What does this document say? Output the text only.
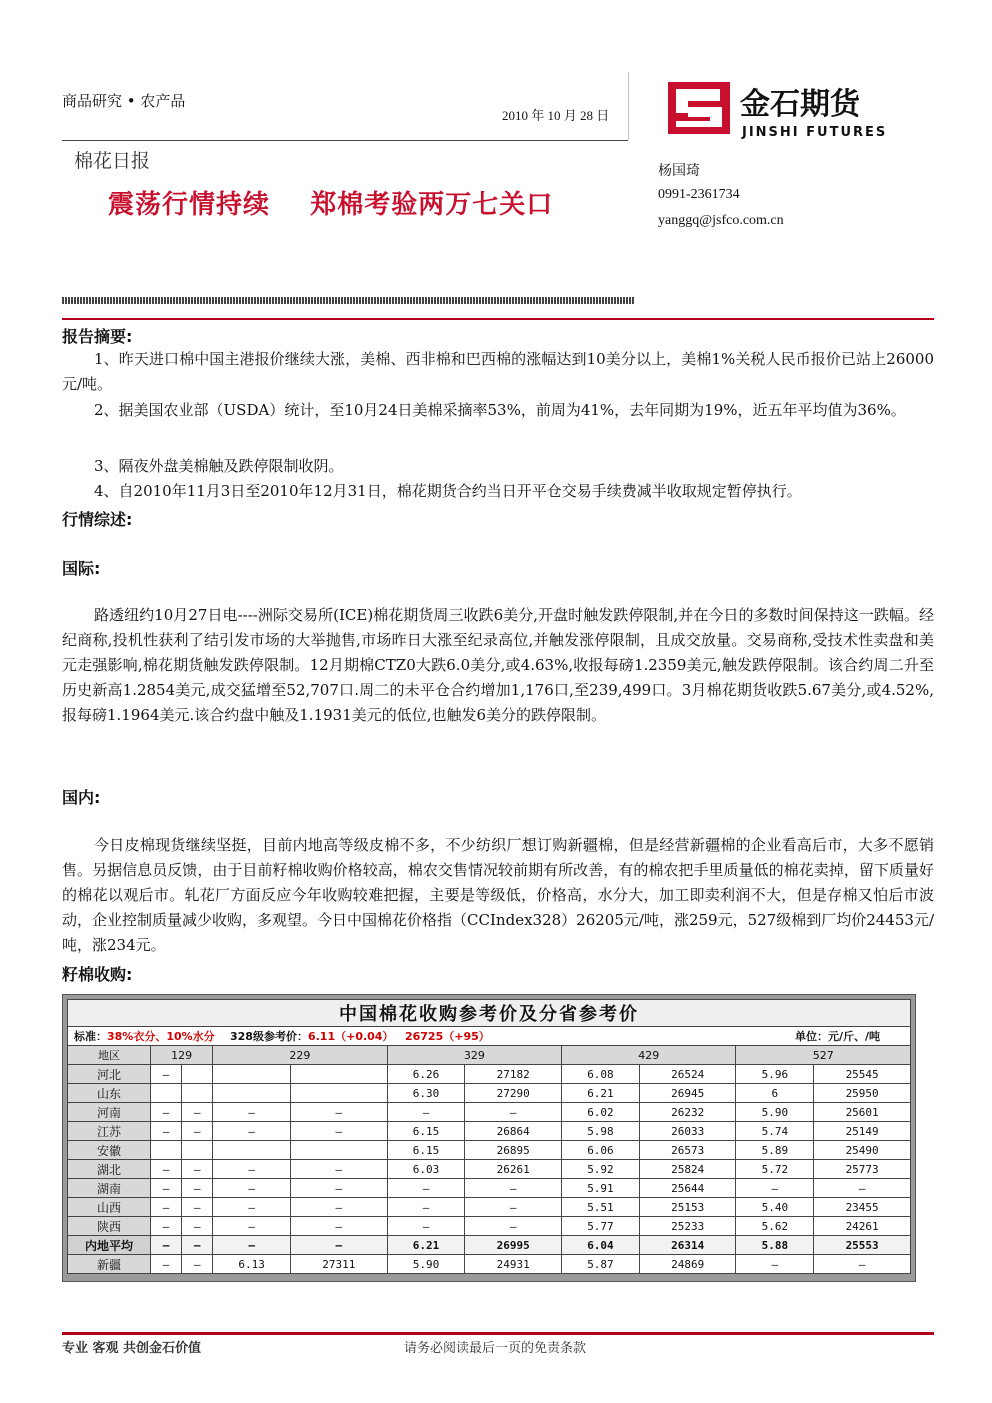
商品研究 • 农产品
2010 年 10 月 28 日	金石期货
JINSHI FUTURES
棉花日报
震荡行情持续    郑棉考验两万七关口
杨国琦
0991-2361734
yanggq@jsfco.com.cn
报告摘要:
1、昨天进口棉中国主港报价继续大涨，美棉、西非棉和巴西棉的涨幅达到10美分以上，美棉1%关税人民币报价已站上26000元/吨。
2、据美国农业部（USDA）统计，至10月24日美棉采摘率53%，前周为41%，去年同期为19%，近五年平均值为36%。
3、隔夜外盘美棉触及跌停限制收阴。
4、自2010年11月3日至2010年12月31日，棉花期货合约当日开平仓交易手续费减半收取规定暂停执行。
行情综述:
国际:
路透纽约10月27日电----洲际交易所(ICE)棉花期货周三收跌6美分,开盘时触发跌停限制,并在今日的多数时间保持这一跌幅。经纪商称,投机性获利了结引发市场的大举抛售,市场昨日大涨至纪录高位,并触发涨停限制，且成交放量。交易商称,受技术性卖盘和美元走强影响,棉花期货触发跌停限制。12月期棉CTZ0大跌6.0美分,或4.63%,收报每磅1.2359美元,触发跌停限制。该合约周二升至历史新高1.2854美元,成交猛增至52,707口.周二的未平仓合约增加1,176口,至239,499口。3月棉花期货收跌5.67美分,或4.52%,报每磅1.1964美元.该合约盘中触及1.1931美元的低位,也触发6美分的跌停限制。
国内:
今日皮棉现货继续坚挺，目前内地高等级皮棉不多，不少纺织厂想订购新疆棉，但是经营新疆棉的企业看高后市，大多不愿销售。另据信息员反馈，由于目前籽棉收购价格较高，棉农交售情况较前期有所改善，有的棉农把手里质量低的棉花卖掉，留下质量好的棉花以观后市。轧花厂方面反应今年收购较难把握，主要是等级低，价格高，水分大，加工即卖利润不大，但是存棉又怕后市波动，企业控制质量减少收购，多观望。今日中国棉花价格指（CCIndex328）26205元/吨，涨259元，527级棉到厂均价24453元/吨，涨234元。
籽棉收购:
中国棉花收购参考价及分省参考价										
标准：38%衣分、10%水分 328级参考价：6.11（+0.04）   26725（+95） 单位：元/斤、/吨										

地区	129		229		329		429		527	
河北	—				6.26	27182	6.08	26524	5.96	25545
山东					6.30	27290	6.21	26945	6	25950
河南	—	—	—	—	—	—	6.02	26232	5.90	25601
江苏	—	—	—	—	6.15	26864	5.98	26033	5.74	25149
安徽					6.15	26895	6.06	26573	5.89	25490
湖北	—	—	—	—	6.03	26261	5.92	25824	5.72	25773
湖南	—	—	—	—	—	—	5.91	25644	—	—
山西	—	—	—	—	—	—	5.51	25153	5.40	23455
陕西	—	—	—	—	—	—	5.77	25233	5.62	24261
内地平均	—	—	—	—	6.21	26995	6.04	26314	5.88	25553
新疆	—	—	6.13	27311	5.90	24931	5.87	24869	—	—
专业 客观 共创金石价值	请务必阅读最后一页的免责条款
